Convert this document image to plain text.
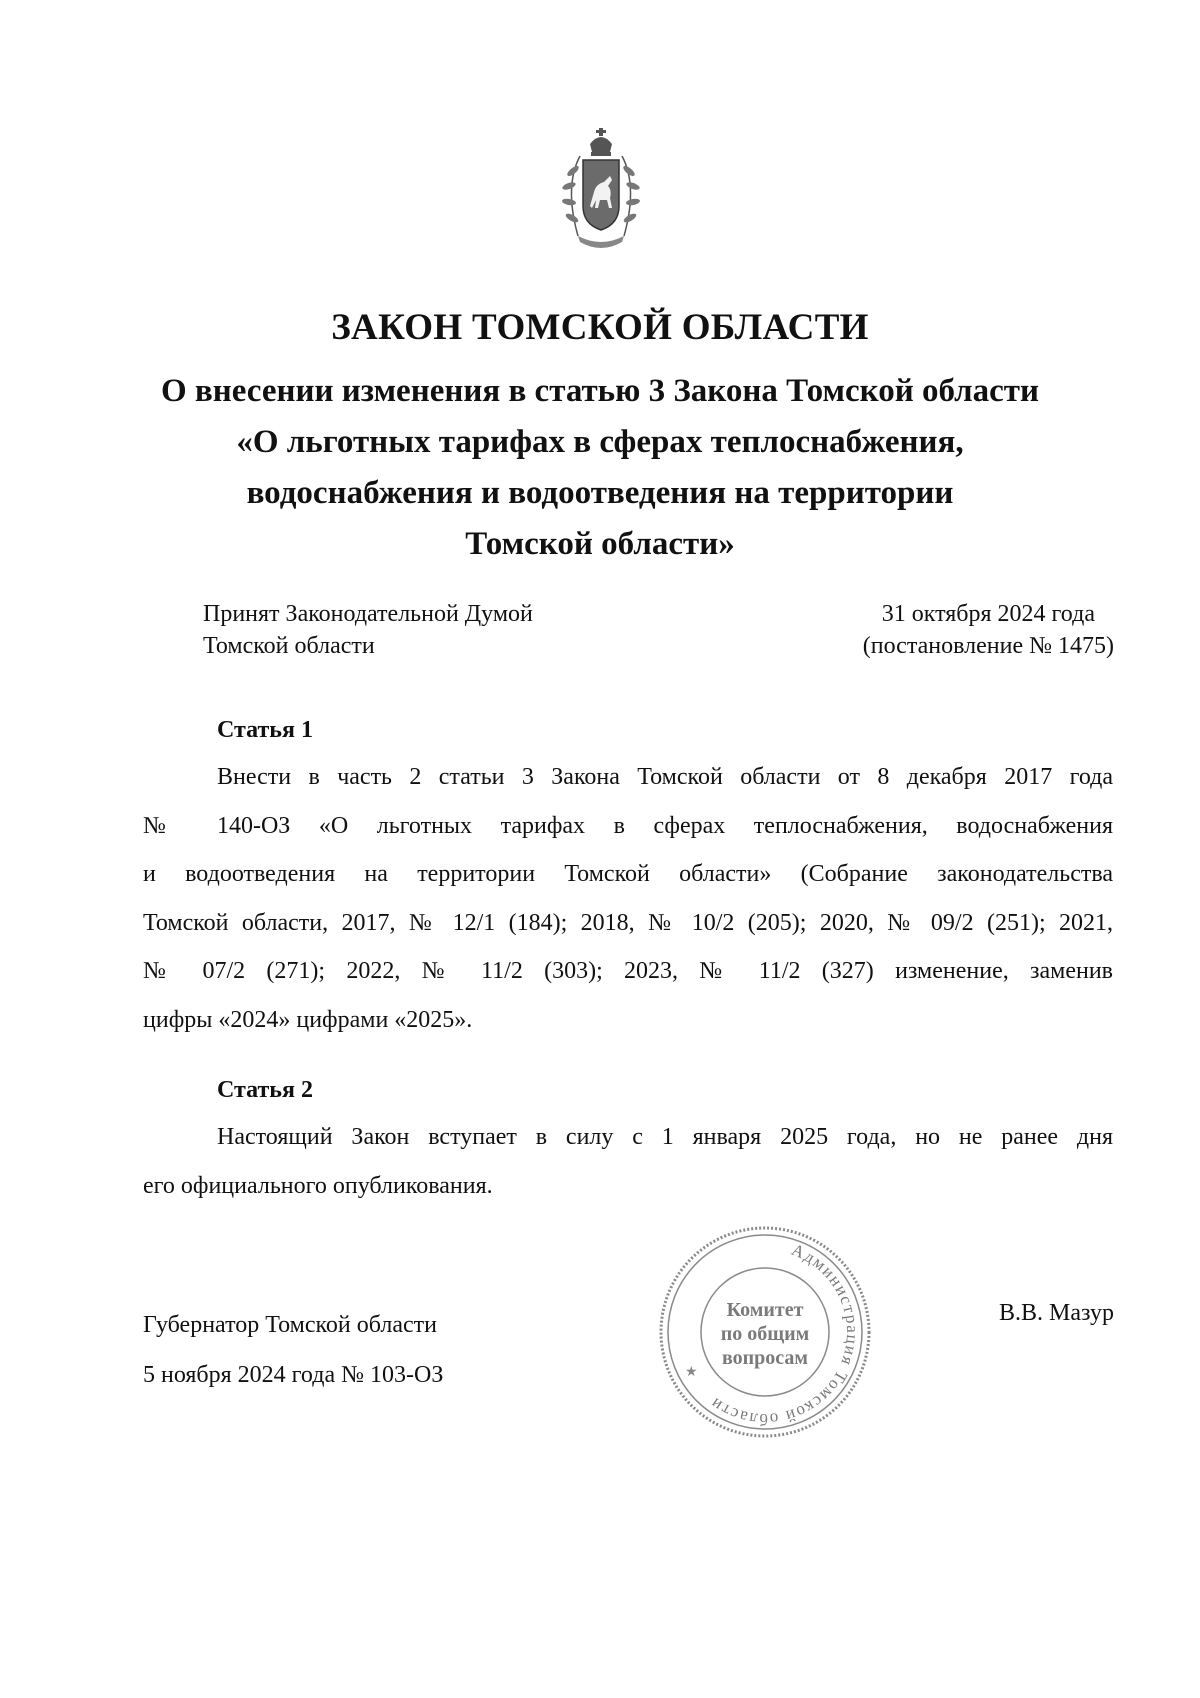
ЗАКОН ТОМСКОЙ ОБЛАСТИ
О внесении изменения в статью 3 Закона Томской области
«О льготных тарифах в сферах теплоснабжения,
водоснабжения и водоотведения на территории
Томской области»
Принят Законодательной Думой
Томской области
31 октября 2024 года
(постановление № 1475)
Статья 1
Внести в часть 2 статьи 3 Закона Томской области от 8 декабря 2017 года
№ 140-ОЗ «О льготных тарифах в сферах теплоснабжения, водоснабжения
и водоотведения на территории Томской области» (Собрание законодательства
Томской области, 2017, № 12/1 (184); 2018, № 10/2 (205); 2020, № 09/2 (251); 2021,
№ 07/2 (271); 2022, № 11/2 (303); 2023, № 11/2 (327) изменение, заменив
цифры «2024» цифрами «2025».
Статья 2
Настоящий Закон вступает в силу с 1 января 2025 года, но не ранее дня
его официального опубликования.
Губернатор Томской области
5 ноября 2024 года № 103-ОЗ
В.В. Мазур
Администрация Томской области
★
Комитет
по общим
вопросам
